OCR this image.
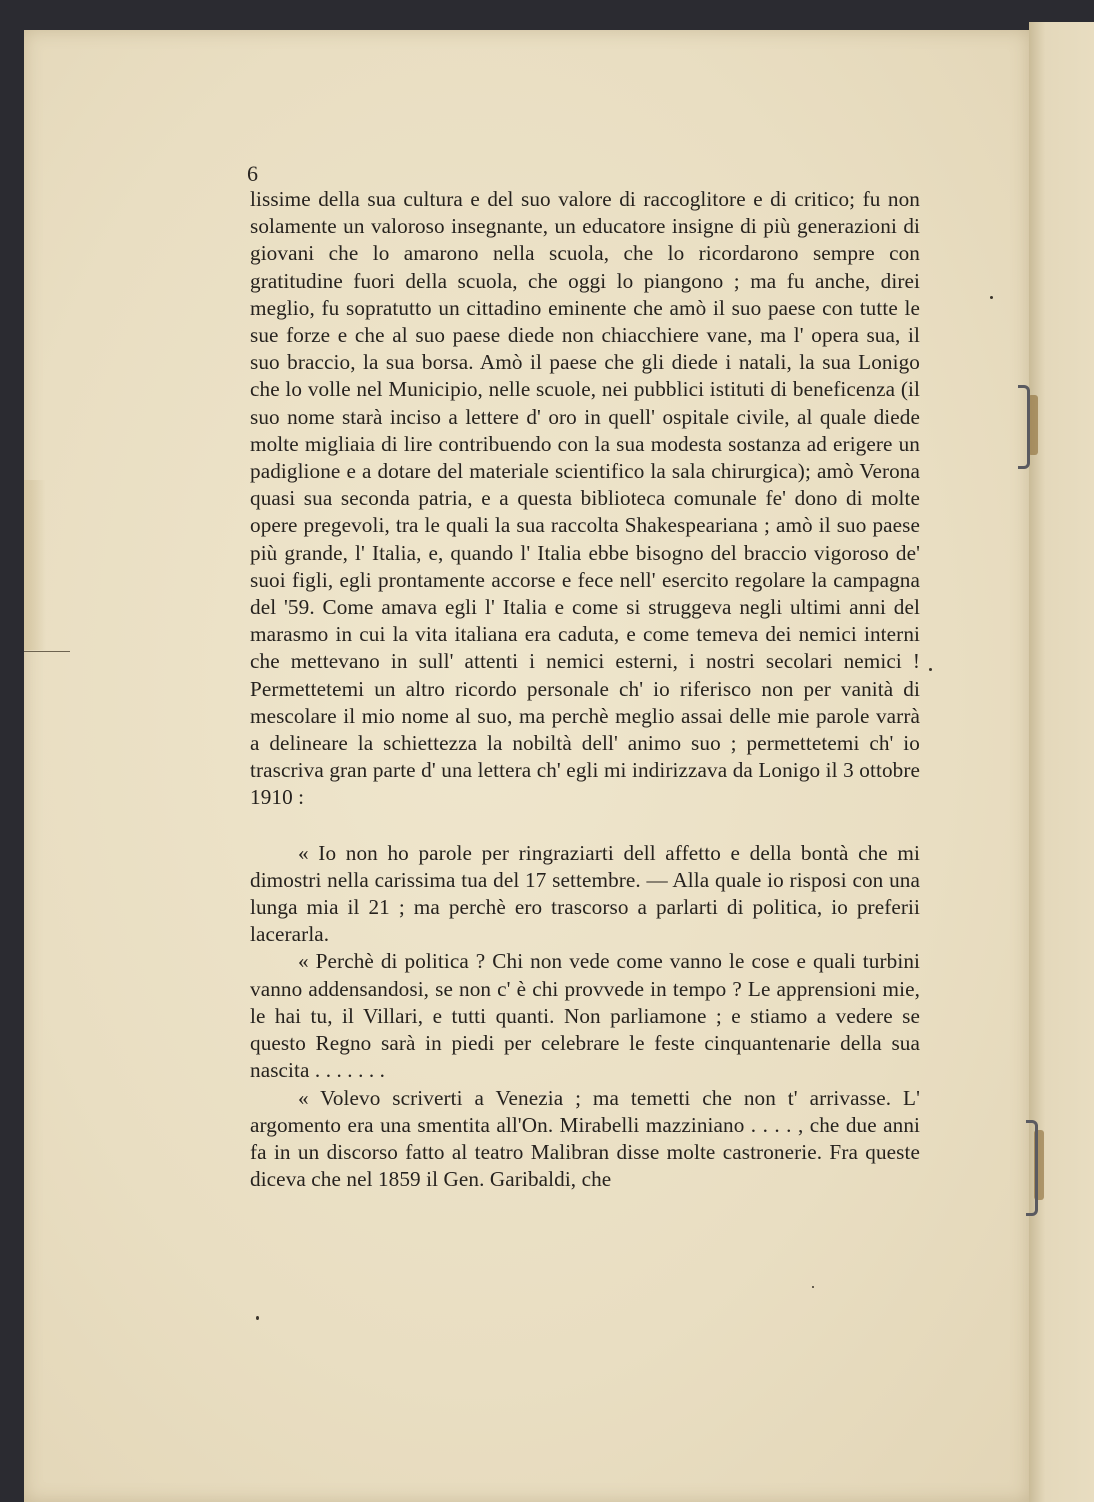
6

lissime della sua cultura e del suo valore di raccoglitore e di critico; fu non solamente un valoroso insegnante, un educatore insigne di più generazioni di giovani che lo amarono nella scuola, che lo ricordarono sempre con gratitudine fuori della scuola, che oggi lo piangono ; ma fu anche, direi meglio, fu sopratutto un cittadino eminente che amò il suo paese con tutte le sue forze e che al suo paese diede non chiacchiere vane, ma l' opera sua, il suo braccio, la sua borsa. Amò il paese che gli diede i natali, la sua Lonigo che lo volle nel Municipio, nelle scuole, nei pubblici istituti di beneficenza (il suo nome starà inciso a lettere d' oro in quell' ospitale civile, al quale diede molte migliaia di lire contribuendo con la sua modesta sostanza ad erigere un padiglione e a dotare del materiale scientifico la sala chirurgica); amò Verona quasi sua seconda patria, e a questa biblioteca comunale fe' dono di molte opere pregevoli, tra le quali la sua raccolta Shakespeariana ; amò il suo paese più grande, l' Italia, e, quando l' Italia ebbe bisogno del braccio vigoroso de' suoi figli, egli prontamente accorse e fece nell' esercito regolare la campagna del '59. Come amava egli l' Italia e come si struggeva negli ultimi anni del marasmo in cui la vita italiana era caduta, e come temeva dei nemici interni che mettevano in sull' attenti i nemici esterni, i nostri secolari nemici ! Permettetemi un altro ricordo personale ch' io riferisco non per vanità di mescolare il mio nome al suo, ma perchè meglio assai delle mie parole varrà a delineare la schiettezza la nobiltà dell' animo suo ; permettetemi ch' io trascriva gran parte d' una lettera ch' egli mi indirizzava da Lonigo il 3 ottobre 1910 :

« Io non ho parole per ringraziarti dell affetto e della bontà che mi dimostri nella carissima tua del 17 settembre. — Alla quale io risposi con una lunga mia il 21 ; ma perchè ero trascorso a parlarti di politica, io preferii lacerarla.

« Perchè di politica ? Chi non vede come vanno le cose e quali turbini vanno addensandosi, se non c' è chi provvede in tempo ? Le apprensioni mie, le hai tu, il Villari, e tutti quanti. Non parliamone ; e stiamo a vedere se questo Regno sarà in piedi per celebrare le feste cinquantenarie della sua nascita . . . . . . .

« Volevo scriverti a Venezia ; ma temetti che non t' arrivasse. L' argomento era una smentita all'On. Mirabelli mazziniano . . . . , che due anni fa in un discorso fatto al teatro Malibran disse molte castronerie. Fra queste diceva che nel 1859 il Gen. Garibaldi, che
